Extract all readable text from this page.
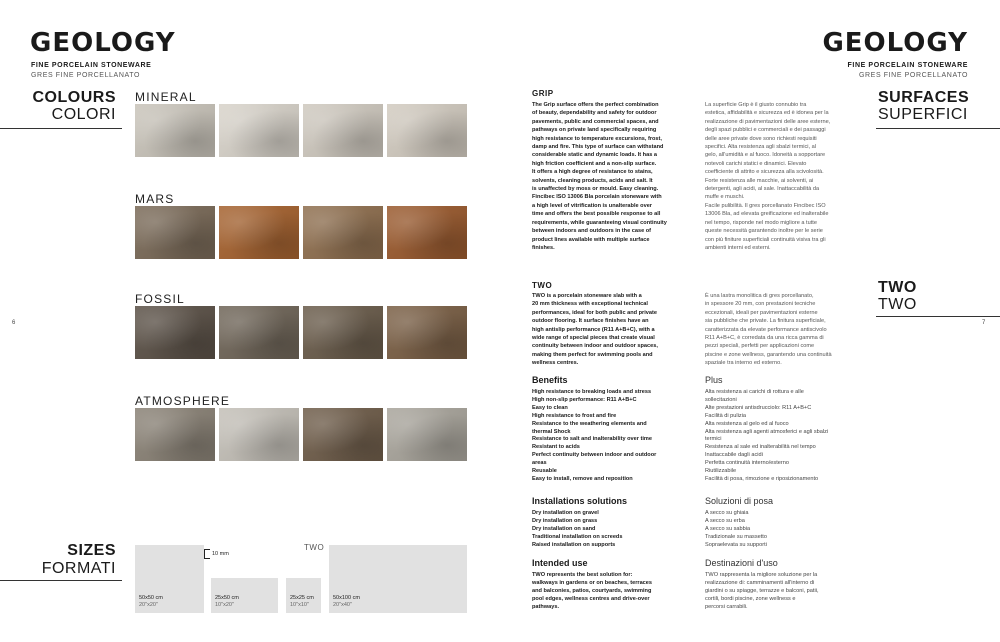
GEOLOGY
FINE PORCELAIN STONEWARE
GRES FINE PORCELLANATO
COLOURS
COLORI
6
MINERAL
MARS
FOSSIL
ATMOSPHERE
SIZES
FORMATI
10 mm
TWO
50x50 cm
20"x20"
25x50 cm
10"x20"
25x25 cm
10"x10"
50x100 cm
20"x40"
GEOLOGY
FINE PORCELAIN STONEWARE
GRES FINE PORCELLANATO
SURFACES
SUPERFICI
TWO
TWO
7
GRIP
The Grip surface offers the perfect combination
of beauty, dependability and safety for outdoor
pavements, public and commercial spaces, and
pathways on private land specifically requiring
high resistance to temperature excursions, frost,
damp and fire. This type of surface can withstand
considerable static and dynamic loads. It has a
high friction coefficient and a non-slip surface.
It offers a high degree of resistance to stains,
solvents, cleaning products, acids and salt. It
is unaffected by moss or mould. Easy cleaning.
Fincibec ISO 13006 Bla porcelain stoneware with
a high level of vitrification is unalterable over
time and offers the best possible response to all
requirements, while guaranteeing visual continuity
between indoors and outdoors in the case of
product lines available with multiple surface
finishes.
La superficie Grip è il giusto connubio tra
estetica, affidabilità e sicurezza ed è idonea per la
realizzazione di pavimentazioni delle aree esterne,
degli spazi pubblici e commerciali e dei passaggi
delle aree private dove sono richiesti requisiti
specifici. Alta resistenza agli sbalzi termici, al
gelo, all'umidità e al fuoco. Idoneità a sopportare
notevoli carichi statici e dinamici. Elevato
coefficiente di attrito e sicurezza alla scivolosità.
Forte resistenza alle macchie, ai solventi, ai
detergenti, agli acidi, al sale. Inattaccabilità da
muffe e muschi.
Facile pulibilità. Il gres porcellanato Fincibec ISO
13006 Bla, ad elevata greificazione ed inalterabile
nel tempo, risponde nel modo migliore a tutte
queste necessità garantendo inoltre per le serie
con più finiture superficiali continuità visiva tra gli
ambienti interni ed esterni.
TWO
TWO is a porcelain stoneware slab with a
20 mm thickness with exceptional technical
performances, ideal for both public and private
outdoor flooring. It surface finishes have an
high antislip performance (R11 A+B+C), with a
wide range of special pieces that create visual
continuity between indoor and outdoor spaces,
making them perfect for swimming pools and
wellness centres.
È una lastra monolitica di gres porcellanato,
in spessore 20 mm, con prestazioni tecniche
eccezionali, ideali per pavimentazioni esterne
sia pubbliche che private. La finitura superficiale,
caratterizzata da elevate performance antiscivolo
R11 A+B+C, è corredata da una ricca gamma di
pezzi speciali, perfetti per applicazioni come
piscine e zone wellness, garantendo una continuità
spaziale tra interno ed esterno.
Benefits
High resistance to breaking loads and stress
High non-slip performance: R11 A+B+C
Easy to clean
High resistance to frost and fire
Resistance to the weathering elements and
thermal Shock
Resistance to salt and inalterability over time
Resistant to acids
Perfect continuity between indoor and outdoor
areas
Reusable
Easy to install, remove and reposition
Plus
Alta resistenza ai carichi di rottura e alle
sollecitazioni
Alte prestazioni antisdrucciolo: R11 A+B+C
Facilità di pulizia
Alta resistenza al gelo ed al fuoco
Alta resistenza agli agenti atmosferici e agli sbalzi
termici
Resistenza al sale ed inalterabilità nel tempo
Inattaccabile dagli acidi
Perfetta continuità interno/esterno
Riutilizzabile
Facilità di posa, rimozione e riposizionamento
Installations solutions
Dry installation on gravel
Dry installation on grass
Dry installation on sand
Traditional installation on screeds
Raised installation on supports
Soluzioni di posa
A secco su ghiaia
A secco su erba
A secco su sabbia
Tradizionale su massetto
Sopraelevata su supporti
Intended use
TWO represents the best solution for:
walkways in gardens or on beaches, terraces
and balconies, patios, courtyards, swimming
pool edges, wellness centres and drive-over
pathways.
Destinazioni d'uso
TWO rappresenta la migliore soluzione per la
realizzazione di: camminamenti all'interno di
giardini o su spiagge, terrazze e balconi, patii,
cortili, bordi piscine, zone wellness e
percorsi carrabili.
